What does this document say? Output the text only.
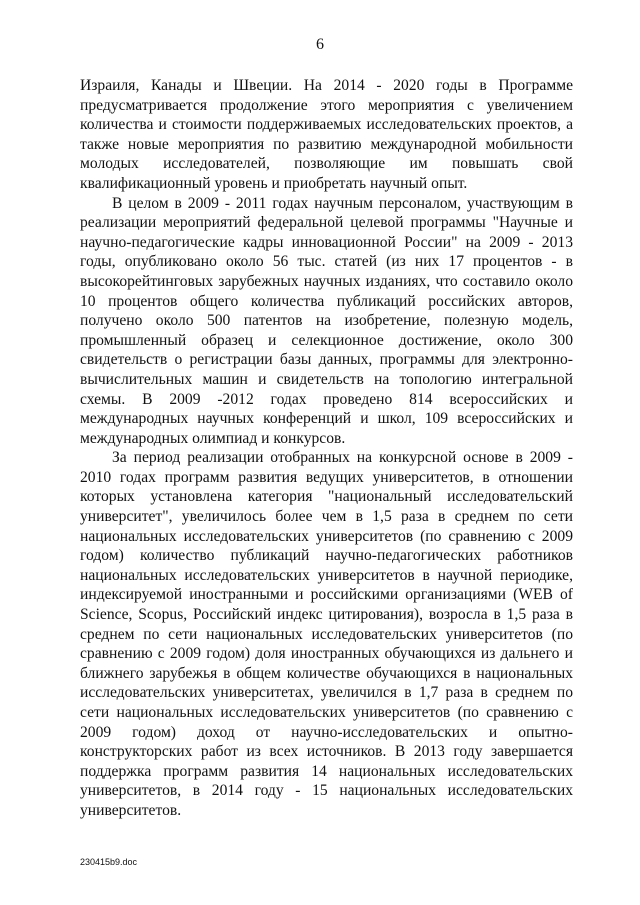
6

Израиля, Канады и Швеции. На 2014 - 2020 годы в Программе предусматривается продолжение этого мероприятия с увеличением количества и стоимости поддерживаемых исследовательских проектов, а также новые мероприятия по развитию международной мобильности молодых исследователей, позволяющие им повышать свой квалификационный уровень и приобретать научный опыт.

В целом в 2009 - 2011 годах научным персоналом, участвующим в реализации мероприятий федеральной целевой программы "Научные и научно-педагогические кадры инновационной России" на 2009 - 2013 годы, опубликовано около 56 тыс. статей (из них 17 процентов - в высокорейтинговых зарубежных научных изданиях, что составило около 10 процентов общего количества публикаций российских авторов, получено около 500 патентов на изобретение, полезную модель, промышленный образец и селекционное достижение, около 300 свидетельств о регистрации базы данных, программы для электронно-вычислительных машин и свидетельств на топологию интегральной схемы. В 2009 -2012 годах проведено 814 всероссийских и международных научных конференций и школ, 109 всероссийских и международных олимпиад и конкурсов.

За период реализации отобранных на конкурсной основе в 2009 - 2010 годах программ развития ведущих университетов, в отношении которых установлена категория "национальный исследовательский университет", увеличилось более чем в 1,5 раза в среднем по сети национальных исследовательских университетов (по сравнению с 2009 годом) количество публикаций научно-педагогических работников национальных исследовательских университетов в научной периодике, индексируемой иностранными и российскими организациями (WEB of Science, Scopus, Российский индекс цитирования), возросла в 1,5 раза в среднем по сети национальных исследовательских университетов (по сравнению с 2009 годом) доля иностранных обучающихся из дальнего и ближнего зарубежья в общем количестве обучающихся в национальных исследовательских университетах, увеличился в 1,7 раза в среднем по сети национальных исследовательских университетов (по сравнению с 2009 годом) доход от научно-исследовательских и опытно-конструкторских работ из всех источников. В 2013 году завершается поддержка программ развития 14 национальных исследовательских университетов, в 2014 году - 15 национальных исследовательских университетов.

230415b9.doc
